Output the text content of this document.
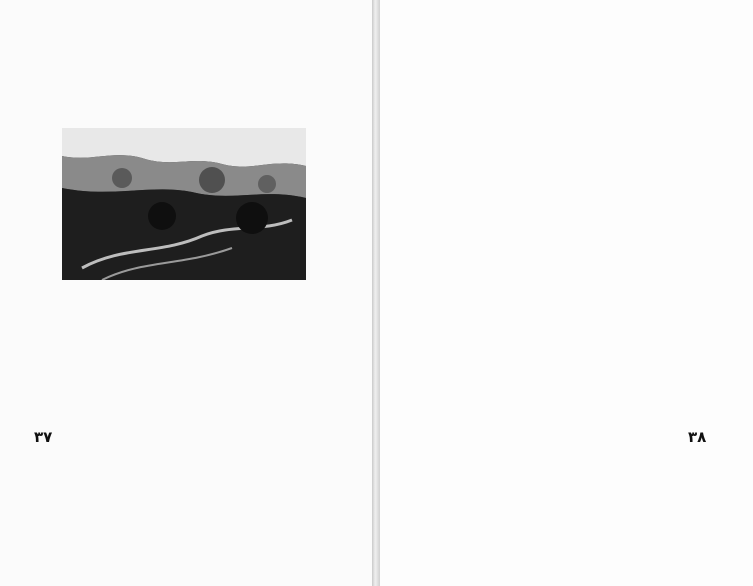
۳۷	۳۸
